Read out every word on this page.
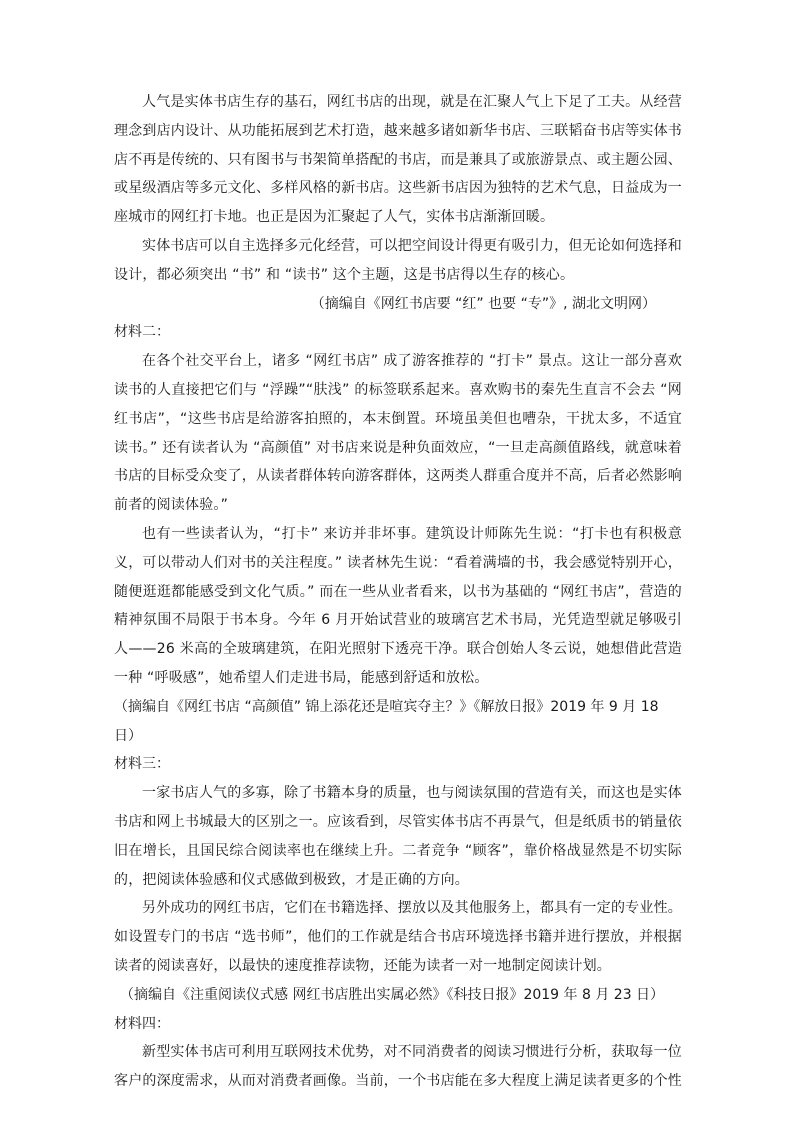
人气是实体书店生存的基石，网红书店的出现，就是在汇聚人气上下足了工夫。从经营理念到店内设计、从功能拓展到艺术打造，越来越多诸如新华书店、三联韬奋书店等实体书店不再是传统的、只有图书与书架简单搭配的书店，而是兼具了或旅游景点、或主题公园、或星级酒店等多元文化、多样风格的新书店。这些新书店因为独特的艺术气息，日益成为一座城市的网红打卡地。也正是因为汇聚起了人气，实体书店渐渐回暖。

实体书店可以自主选择多元化经营，可以把空间设计得更有吸引力，但无论如何选择和设计，都必须突出 “书” 和 “读书” 这个主题，这是书店得以生存的核心。

（摘编自《网红书店要 “红” 也要 “专”》, 湖北文明网）

材料二：

在各个社交平台上，诸多 “网红书店” 成了游客推荐的 “打卡” 景点。这让一部分喜欢读书的人直接把它们与 “浮躁”“肤浅” 的标签联系起来。喜欢购书的秦先生直言不会去 “网红书店”，“这些书店是给游客拍照的，本末倒置。环境虽美但也嘈杂，干扰太多，不适宜读书。” 还有读者认为 “高颜值” 对书店来说是种负面效应，“一旦走高颜值路线，就意味着书店的目标受众变了，从读者群体转向游客群体，这两类人群重合度并不高，后者必然影响前者的阅读体验。”

也有一些读者认为，“打卡” 来访并非坏事。建筑设计师陈先生说：“打卡也有积极意义，可以带动人们对书的关注程度。” 读者林先生说：“看着满墙的书，我会感觉特别开心，随便逛逛都能感受到文化气质。” 而在一些从业者看来，以书为基础的 “网红书店”，营造的精神氛围不局限于书本身。今年 6 月开始试营业的玻璃宫艺术书局，光凭造型就足够吸引人——26 米高的全玻璃建筑，在阳光照射下透亮干净。联合创始人冬云说，她想借此营造一种 “呼吸感”，她希望人们走进书局，能感到舒适和放松。

（摘编自《网红书店 “高颜值” 锦上添花还是喧宾夺主？》《解放日报》2019 年 9 月 18 日）

材料三：

一家书店人气的多寡，除了书籍本身的质量，也与阅读氛围的营造有关，而这也是实体书店和网上书城最大的区别之一。应该看到，尽管实体书店不再景气，但是纸质书的销量依旧在增长，且国民综合阅读率也在继续上升。二者竞争 “顾客”，靠价格战显然是不切实际的，把阅读体验感和仪式感做到极致，才是正确的方向。

另外成功的网红书店，它们在书籍选择、摆放以及其他服务上，都具有一定的专业性。如设置专门的书店 “选书师”，他们的工作就是结合书店环境选择书籍并进行摆放，并根据读者的阅读喜好，以最快的速度推荐读物，还能为读者一对一地制定阅读计划。

（摘编自《注重阅读仪式感 网红书店胜出实属必然》《科技日报》2019 年 8 月 23 日）

材料四：

新型实体书店可利用互联网技术优势，对不同消费者的阅读习惯进行分析，获取每一位客户的深度需求，从而对消费者画像。当前，一个书店能在多大程度上满足读者更多的个性
